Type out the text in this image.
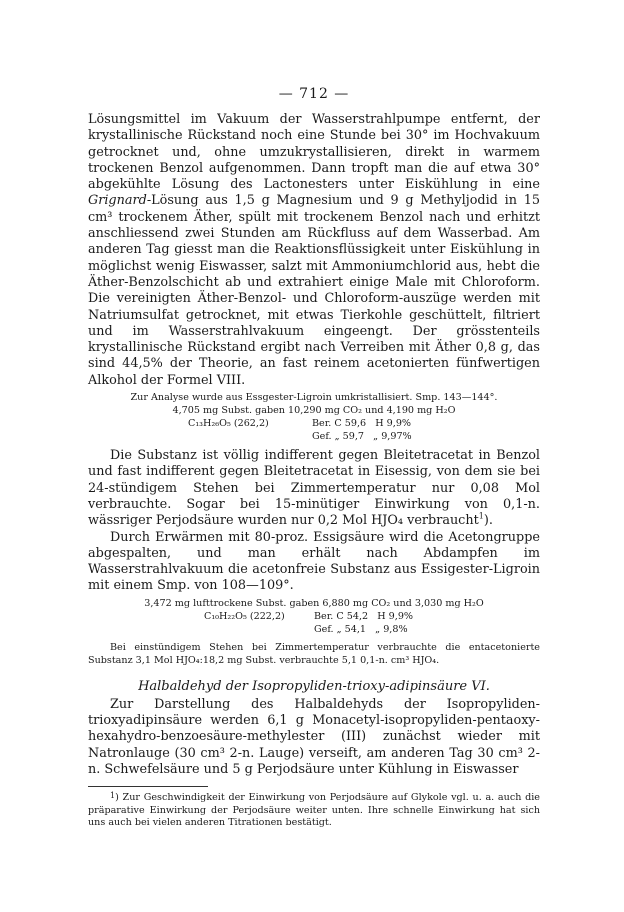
— 712 —

Lösungsmittel im Vakuum der Wasserstrahlpumpe entfernt, der krystallinische Rückstand noch eine Stunde bei 30° im Hochvakuum getrocknet und, ohne umzukrystallisieren, direkt in warmem trockenen Benzol aufgenommen. Dann tropft man die auf etwa 30° abgekühlte Lösung des Lactonesters unter Eiskühlung in eine Grignard-Lösung aus 1,5 g Magnesium und 9 g Methyljodid in 15 cm³ trockenem Äther, spült mit trockenem Benzol nach und erhitzt anschliessend zwei Stunden am Rückfluss auf dem Wasserbad. Am anderen Tag giesst man die Reaktionsflüssigkeit unter Eiskühlung in möglichst wenig Eiswasser, salzt mit Ammoniumchlorid aus, hebt die Äther-Benzolschicht ab und extrahiert einige Male mit Chloroform. Die vereinigten Äther-Benzol- und Chloroform-auszüge werden mit Natriumsulfat getrocknet, mit etwas Tierkohle geschüttelt, filtriert und im Wasserstrahlvakuum eingeengt. Der grösstenteils krystallinische Rückstand ergibt nach Verreiben mit Äther 0,8 g, das sind 44,5% der Theorie, an fast reinem acetonierten fünfwertigen Alkohol der Formel VIII.

Zur Analyse wurde aus Essgester-Ligroin umkristallisiert. Smp. 143—144°.
4,705 mg Subst. gaben 10,290 mg CO₂ und 4,190 mg H₂O
C₁₃H₂₆O₅ (262,2)	Ber. C 59,6   H 9,9%
Gef. „ 59,7   „ 9,97%

Die Substanz ist völlig indifferent gegen Bleitetracetat in Benzol und fast indifferent gegen Bleitetracetat in Eisessig, von dem sie bei 24-stündigem Stehen bei Zimmertemperatur nur 0,08 Mol verbrauchte. Sogar bei 15-minütiger Einwirkung von 0,1-n. wässriger Perjodsäure wurden nur 0,2 Mol HJO₄ verbraucht$^1$).

Durch Erwärmen mit 80-proz. Essigsäure wird die Acetongruppe abgespalten, und man erhält nach Abdampfen im Wasserstrahlvakuum die acetonfreie Substanz aus Essigester-Ligroin mit einem Smp. von 108—109°.

3,472 mg lufttrockene Subst. gaben 6,880 mg CO₂ und 3,030 mg H₂O
C₁₀H₂₂O₅ (222,2)	Ber. C 54,2   H 9,9%
Gef. „ 54,1   „ 9,8%

Bei einstündigem Stehen bei Zimmertemperatur verbrauchte die entacetonierte Substanz 3,1 Mol HJO₄:18,2 mg Subst. verbrauchte 5,1 0,1-n. cm³ HJO₄.

Halbaldehyd der Isopropyliden-trioxy-adipinsäure VI.

Zur Darstellung des Halbaldehyds der Isopropyliden-trioxyadipinsäure werden 6,1 g Monacetyl-isopropyliden-pentaoxy-hexahydro-benzoesäure-methylester (III) zunächst wieder mit Natronlauge (30 cm³ 2-n. Lauge) verseift, am anderen Tag 30 cm³ 2-n. Schwefelsäure und 5 g Perjodsäure unter Kühlung in Eiswasser

$^1$) Zur Geschwindigkeit der Einwirkung von Perjodsäure auf Glykole vgl. u. a. auch die präparative Einwirkung der Perjodsäure weiter unten. Ihre schnelle Einwirkung hat sich uns auch bei vielen anderen Titrationen bestätigt.
